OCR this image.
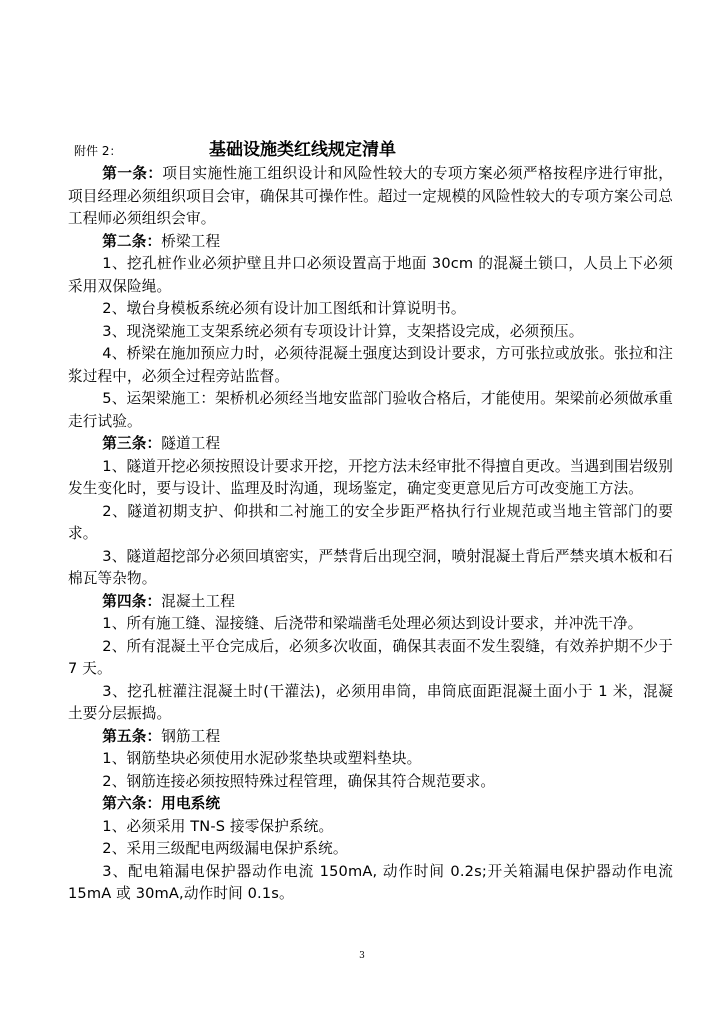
附件 2：	基础设施类红线规定清单

第一条：项目实施性施工组织设计和风险性较大的专项方案必须严格按程序进行审批，项目经理必须组织项目会审，确保其可操作性。超过一定规模的风险性较大的专项方案公司总工程师必须组织会审。

第二条：桥梁工程

1、挖孔桩作业必须护壁且井口必须设置高于地面 30cm 的混凝土锁口，人员上下必须采用双保险绳。

2、墩台身模板系统必须有设计加工图纸和计算说明书。

3、现浇梁施工支架系统必须有专项设计计算，支架搭设完成，必须预压。

4、桥梁在施加预应力时，必须待混凝土强度达到设计要求，方可张拉或放张。张拉和注浆过程中，必须全过程旁站监督。

5、运架梁施工：架桥机必须经当地安监部门验收合格后，才能使用。架梁前必须做承重走行试验。

第三条：隧道工程

1、隧道开挖必须按照设计要求开挖，开挖方法未经审批不得擅自更改。当遇到围岩级别发生变化时，要与设计、监理及时沟通，现场鉴定，确定变更意见后方可改变施工方法。

2、隧道初期支护、仰拱和二衬施工的安全步距严格执行行业规范或当地主管部门的要求。

3、隧道超挖部分必须回填密实，严禁背后出现空洞，喷射混凝土背后严禁夹填木板和石棉瓦等杂物。

第四条：混凝土工程

1、所有施工缝、湿接缝、后浇带和梁端凿毛处理必须达到设计要求，并冲洗干净。

2、所有混凝土平仓完成后，必须多次收面，确保其表面不发生裂缝，有效养护期不少于 7 天。

3、挖孔桩灌注混凝土时(干灌法)，必须用串筒，串筒底面距混凝土面小于 1 米，混凝土要分层振捣。

第五条：钢筋工程

1、钢筋垫块必须使用水泥砂浆垫块或塑料垫块。

2、钢筋连接必须按照特殊过程管理，确保其符合规范要求。

第六条：用电系统

1、必须采用 TN-S 接零保护系统。

2、采用三级配电两级漏电保护系统。

3、配电箱漏电保护器动作电流 150mA, 动作时间 0.2s;开关箱漏电保护器动作电流 15mA 或 30mA,动作时间 0.1s。

3
